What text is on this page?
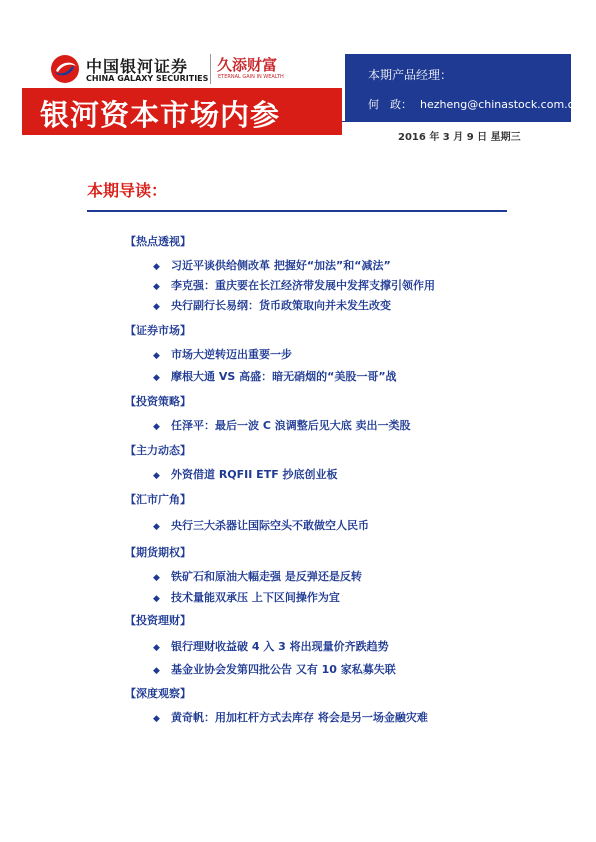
中国银河证券
CHINA GALAXY SECURITIES
久添财富
ETERNAL GAIN IN WEALTH	本期产品经理：
何　政： hezheng@chinastock.com.cn
银河资本市场内参
2016 年 3 月 9 日 星期三
本期导读：
【热点透视】
◆ 习近平谈供给侧改革 把握好“加法”和“减法”
◆ 李克强：重庆要在长江经济带发展中发挥支撑引领作用
◆ 央行副行长易纲：货币政策取向并未发生改变
【证券市场】
◆ 市场大逆转迈出重要一步
◆ 摩根大通 VS 高盛：暗无硝烟的“美股一哥”战
【投资策略】
◆ 任泽平：最后一波 C 浪调整后见大底 卖出一类股
【主力动态】
◆ 外资借道 RQFII ETF 抄底创业板
【汇市广角】
◆ 央行三大杀器让国际空头不敢做空人民币
【期货期权】
◆ 铁矿石和原油大幅走强 是反弹还是反转
◆ 技术量能双承压 上下区间操作为宜
【投资理财】
◆ 银行理财收益破 4 入 3 将出现量价齐跌趋势
◆ 基金业协会发第四批公告 又有 10 家私募失联
【深度观察】
◆ 黄奇帆：用加杠杆方式去库存 将会是另一场金融灾难
